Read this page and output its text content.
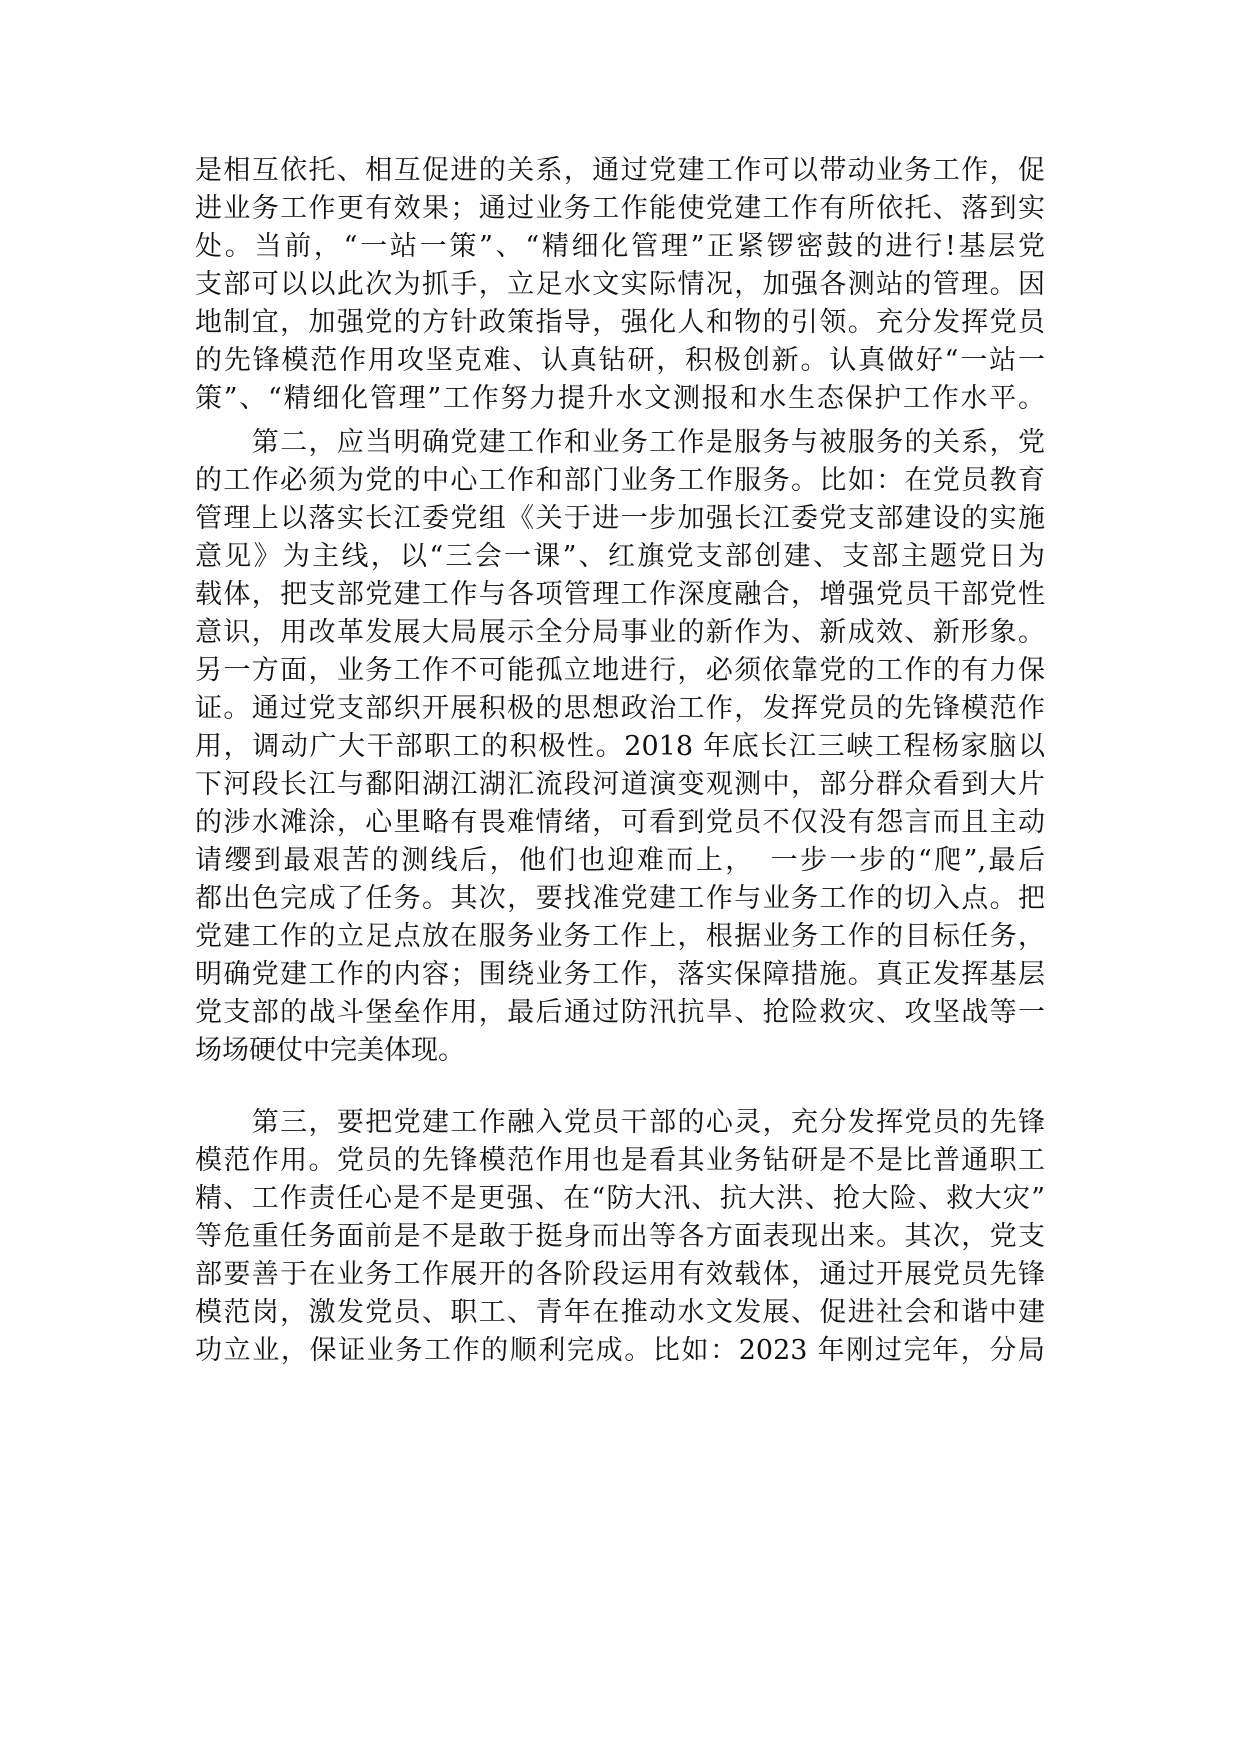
是相互依托、相互促进的关系，通过党建工作可以带动业务工作，促
进业务工作更有效果；通过业务工作能使党建工作有所依托、落到实
处。当前，“一站一策”、“精细化管理”正紧锣密鼓的进行!基层党
支部可以以此次为抓手，立足水文实际情况，加强各测站的管理。因
地制宜，加强党的方针政策指导，强化人和物的引领。充分发挥党员
的先锋模范作用攻坚克难、认真钻研，积极创新。认真做好“一站一
策”、“精细化管理”工作努力提升水文测报和水生态保护工作水平。
　　第二，应当明确党建工作和业务工作是服务与被服务的关系，党
的工作必须为党的中心工作和部门业务工作服务。比如：在党员教育
管理上以落实长江委党组《关于进一步加强长江委党支部建设的实施
意见》为主线，以“三会一课”、红旗党支部创建、支部主题党日为
载体，把支部党建工作与各项管理工作深度融合，增强党员干部党性
意识，用改革发展大局展示全分局事业的新作为、新成效、新形象。
另一方面，业务工作不可能孤立地进行，必须依靠党的工作的有力保
证。通过党支部织开展积极的思想政治工作，发挥党员的先锋模范作
用，调动广大干部职工的积极性。2018 年底长江三峡工程杨家脑以
下河段长江与鄱阳湖江湖汇流段河道演变观测中，部分群众看到大片
的涉水滩涂，心里略有畏难情绪，可看到党员不仅没有怨言而且主动
请缨到最艰苦的测线后，他们也迎难而上，　一步一步的“爬”,最后
都出色完成了任务。其次，要找准党建工作与业务工作的切入点。把
党建工作的立足点放在服务业务工作上，根据业务工作的目标任务，
明确党建工作的内容；围绕业务工作，落实保障措施。真正发挥基层
党支部的战斗堡垒作用，最后通过防汛抗旱、抢险救灾、攻坚战等一
场场硬仗中完美体现。
　　第三，要把党建工作融入党员干部的心灵，充分发挥党员的先锋
模范作用。党员的先锋模范作用也是看其业务钻研是不是比普通职工
精、工作责任心是不是更强、在“防大汛、抗大洪、抢大险、救大灾”
等危重任务面前是不是敢于挺身而出等各方面表现出来。其次，党支
部要善于在业务工作展开的各阶段运用有效载体，通过开展党员先锋
模范岗，激发党员、职工、青年在推动水文发展、促进社会和谐中建
功立业，保证业务工作的顺利完成。比如：2023 年刚过完年，分局
